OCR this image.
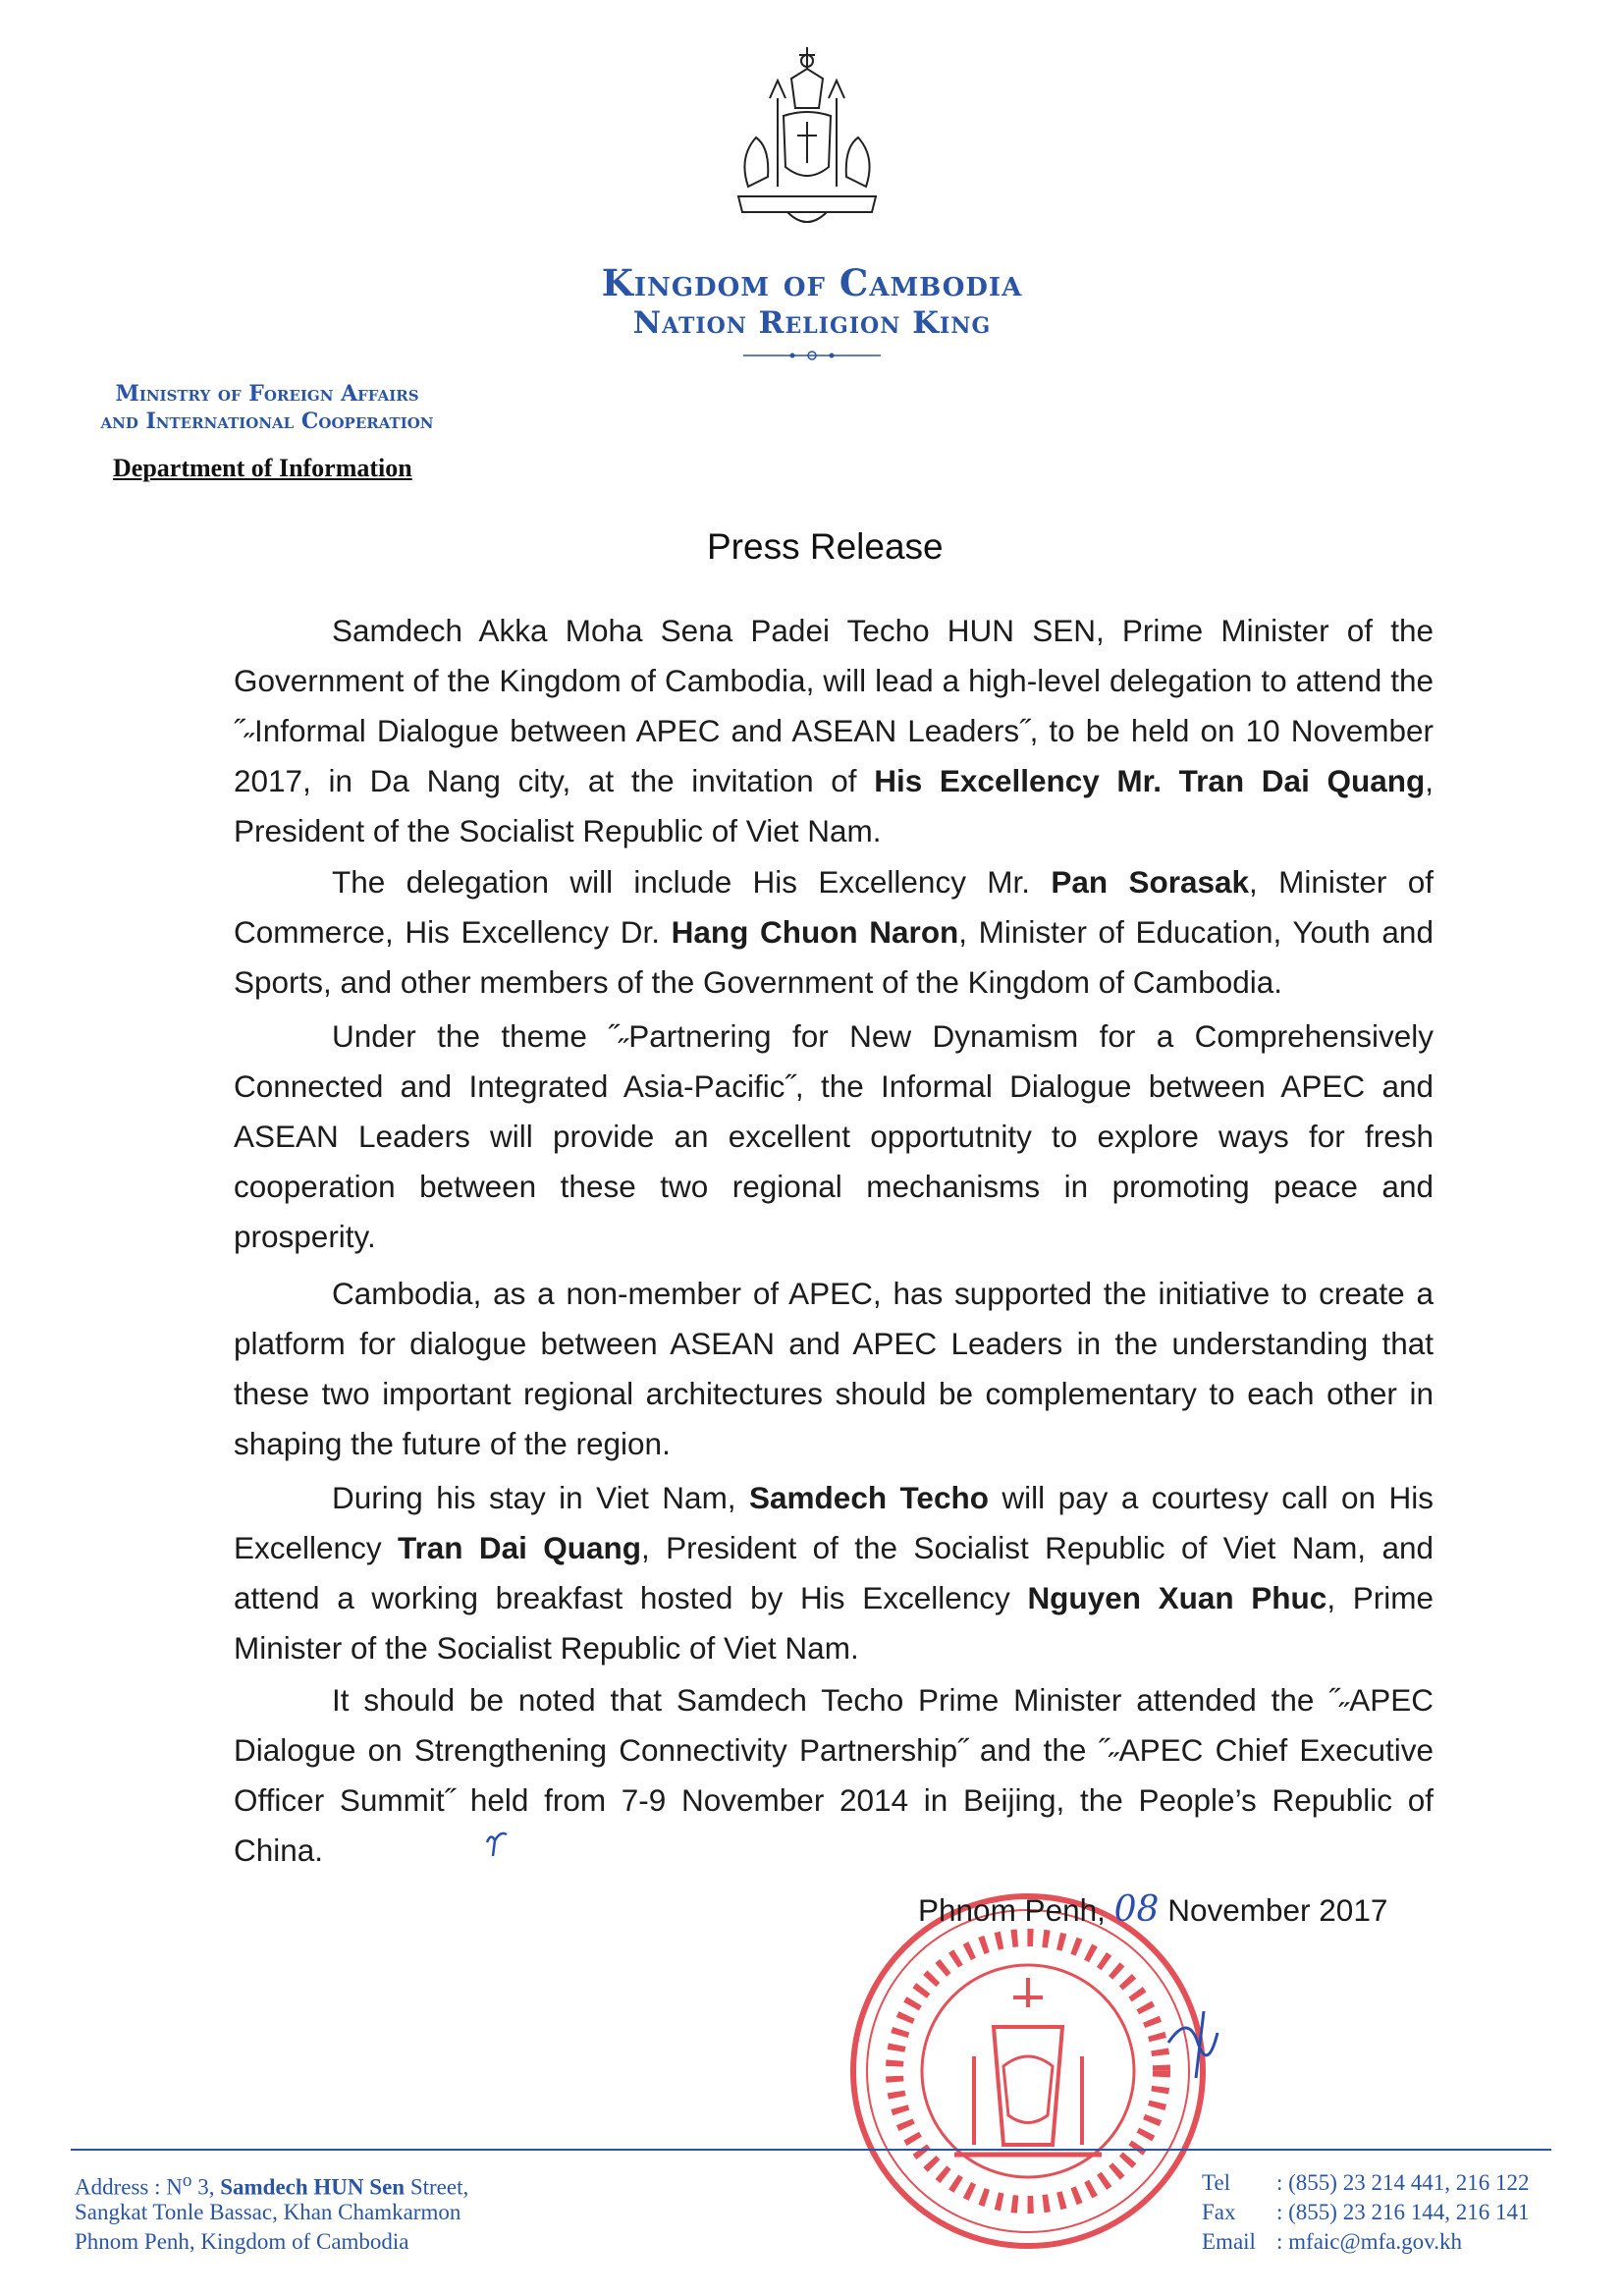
Kingdom of Cambodia
Nation Religion King
Ministry of Foreign Affairs
and International Cooperation
Department of Information
Press Release

Samdech Akka Moha Sena Padei Techo HUN SEN, Prime Minister of the Government of the Kingdom of Cambodia, will lead a high-level delegation to attend the ˝˶Informal Dialogue between APEC and ASEAN Leaders˝, to be held on 10 November 2017, in Da Nang city, at the invitation of His Excellency Mr. Tran Dai Quang, President of the Socialist Republic of Viet Nam.

The delegation will include His Excellency Mr. Pan Sorasak, Minister of Commerce, His Excellency Dr. Hang Chuon Naron, Minister of Education, Youth and Sports, and other members of the Government of the Kingdom of Cambodia.

Under the theme ˝˶Partnering for New Dynamism for a Comprehensively Connected and Integrated Asia-Pacific˝, the Informal Dialogue between APEC and ASEAN Leaders will provide an excellent opportutnity to explore ways for fresh cooperation between these two regional mechanisms in promoting peace and prosperity.

Cambodia, as a non-member of APEC, has supported the initiative to create a platform for dialogue between ASEAN and APEC Leaders in the understanding that these two important regional architectures should be complementary to each other in shaping the future of the region.

During his stay in Viet Nam, Samdech Techo will pay a courtesy call on His Excellency Tran Dai Quang, President of the Socialist Republic of Viet Nam, and attend a working breakfast hosted by His Excellency Nguyen Xuan Phuc, Prime Minister of the Socialist Republic of Viet Nam.

It should be noted that Samdech Techo Prime Minister attended the ˝˶APEC Dialogue on Strengthening Connectivity Partnership˝ and the ˝˶APEC Chief Executive Officer Summit˝ held from 7-9 November 2014 in Beijing, the People’s Republic of China.

Phnom Penh, 08 November 2017
Address : $N^o$ 3, Samdech HUN Sen Street,
Sangkat Tonle Bassac, Khan Chamkarmon
Phnom Penh, Kingdom of Cambodia
Tel : (855) 23 214 441, 216 122
Fax : (855) 23 216 144, 216 141
Email : mfaic@mfa.gov.kh
